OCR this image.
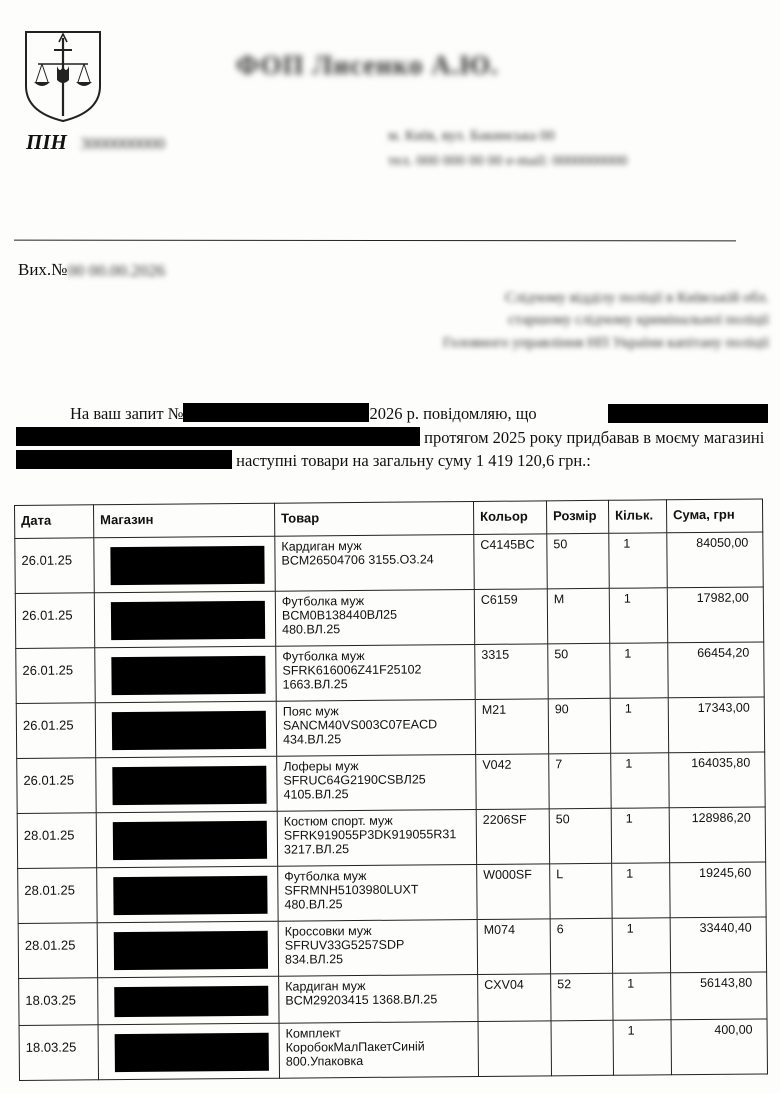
ПІН 3000000000
ФОП Лисенко А.Ю.
м. Київ, вул. Бакинська 00 тел. 000 000 00 00 e-mail: 0000000000
Вих.№00 00.00.2026
Слідчому відділу поліції в Київській обл. старшому слідчому кримінальної поліції Головного управління НП України капітану поліції
На ваш запит №	2026 р. повідомляю, що
протягом 2025 року придбавав в моєму магазині
наступні товари на загальну суму 1 419 120,6 грн.:
Дата	Магазин	Товар	Кольор	Розмір	Кільк.	Сума, грн
26.01.25		Кардиган муж
BCM26504706 3155.O3.24	C4145BC	50	1	84050,00
26.01.25		Футболка муж
BCM0B138440ВЛ25
480.ВЛ.25	C6159	M	1	17982,00
26.01.25		Футболка муж
SFRK616006Z41F25102
1663.ВЛ.25	3315	50	1	66454,20
26.01.25		Пояс муж
SANCM40VS003C07EACD
434.ВЛ.25	M21	90	1	17343,00
26.01.25		Лоферы муж
SFRUC64G2190CSBЛ25
4105.ВЛ.25	V042	7	1	164035,80
28.01.25		Костюм спорт. муж
SFRK919055P3DK919055R31
3217.ВЛ.25	2206SF	50	1	128986,20
28.01.25		Футболка муж
SFRMNH5103980LUXT
480.ВЛ.25	W000SF	L	1	19245,60
28.01.25		Кроссовки муж
SFRUV33G5257SDP
834.ВЛ.25	M074	6	1	33440,40
18.03.25		Кардиган муж
BCM29203415 1368.ВЛ.25	CXV04	52	1	56143,80
18.03.25		Комплект
КоробокМалПакетСиній
800.Упаковка			1	400,00
